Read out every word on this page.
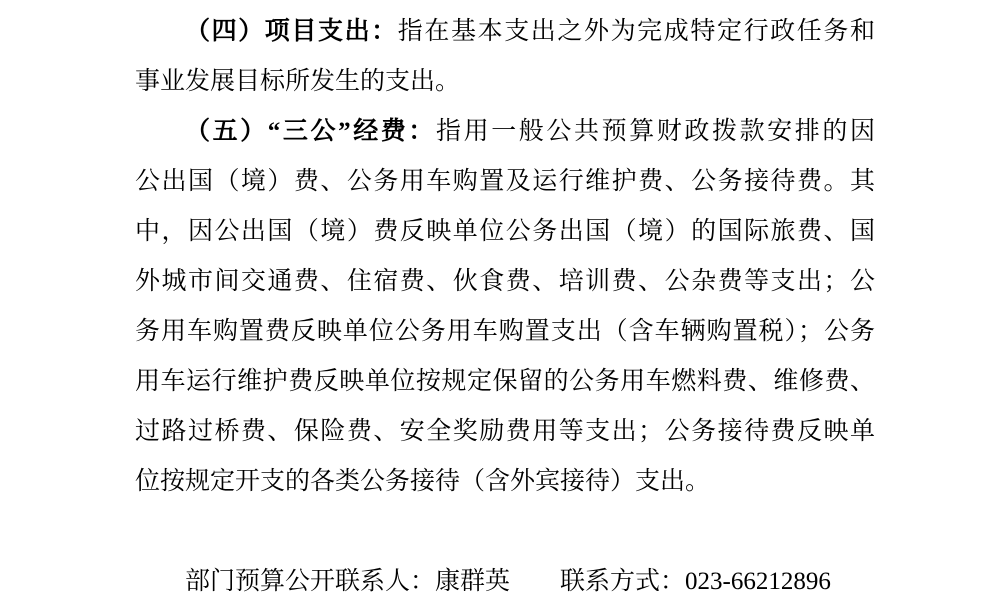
（四）项目支出：指在基本支出之外为完成特定行政任务和
事业发展目标所发生的支出。
（五）“三公”经费：指用一般公共预算财政拨款安排的因
公出国（境）费、公务用车购置及运行维护费、公务接待费。其
中，因公出国（境）费反映单位公务出国（境）的国际旅费、国
外城市间交通费、住宿费、伙食费、培训费、公杂费等支出；公
务用车购置费反映单位公务用车购置支出（含车辆购置税）；公务
用车运行维护费反映单位按规定保留的公务用车燃料费、维修费、
过路过桥费、保险费、安全奖励费用等支出；公务接待费反映单
位按规定开支的各类公务接待（含外宾接待）支出。
部门预算公开联系人：康群英 联系方式：023-66212896
